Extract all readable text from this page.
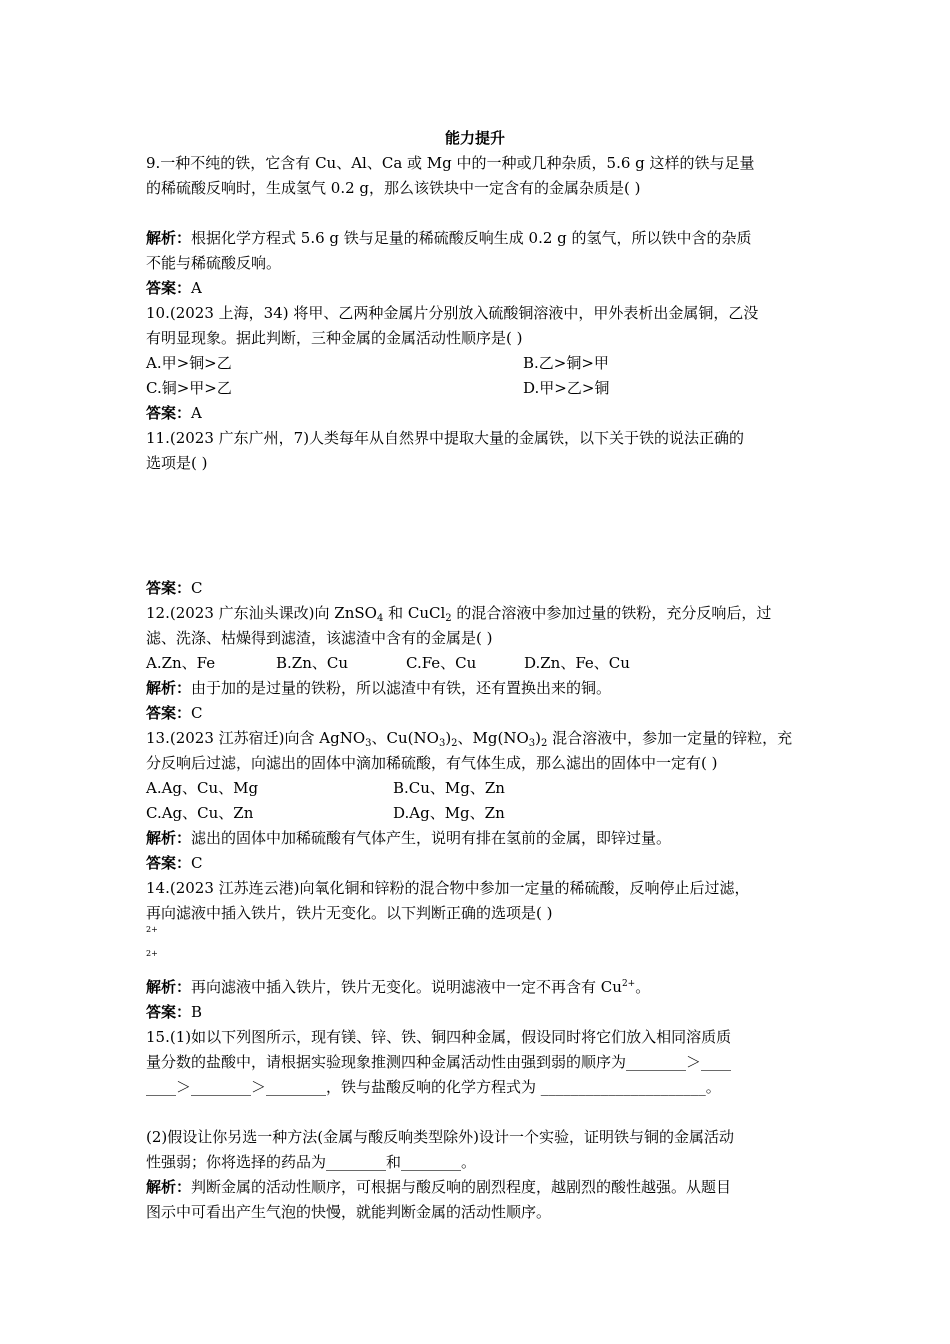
能力提升
9.一种不纯的铁，它含有 Cu、Al、Ca 或 Mg 中的一种或几种杂质，5.6 g 这样的铁与足量
的稀硫酸反响时，生成氢气 0.2 g，那么该铁块中一定含有的金属杂质是( )
解析：根据化学方程式 5.6 g 铁与足量的稀硫酸反响生成 0.2 g 的氢气，所以铁中含的杂质
不能与稀硫酸反响。
答案：A
10.(2023 上海，34) 将甲、乙两种金属片分别放入硫酸铜溶液中，甲外表析出金属铜，乙没
有明显现象。据此判断，三种金属的金属活动性顺序是( )
A.甲>铜>乙	B.乙>铜>甲
C.铜>甲>乙	D.甲>乙>铜
答案：A
11.(2023 广东广州，7)人类每年从自然界中提取大量的金属铁，以下关于铁的说法正确的
选项是( )
答案：C
12.(2023 广东汕头课改)向 ZnSO$_4$ 和 CuCl$_2$ 的混合溶液中参加过量的铁粉，充分反响后，过
滤、洗涤、枯燥得到滤渣，该滤渣中含有的金属是( )
A.Zn、Fe	B.Zn、Cu	C.Fe、Cu	D.Zn、Fe、Cu
解析：由于加的是过量的铁粉，所以滤渣中有铁，还有置换出来的铜。
答案：C
13.(2023 江苏宿迁)向含 AgNO$_3$、$Cu(NO_3)_2$、$Mg(NO_3)_2$ 混合溶液中，参加一定量的锌粒，充
分反响后过滤，向滤出的固体中滴加稀硫酸，有气体生成，那么滤出的固体中一定有( )
A.Ag、Cu、Mg	B.Cu、Mg、Zn
C.Ag、Cu、Zn	D.Ag、Mg、Zn
解析：滤出的固体中加稀硫酸有气体产生，说明有排在氢前的金属，即锌过量。
答案：C
14.(2023 江苏连云港)向氧化铜和锌粉的混合物中参加一定量的稀硫酸，反响停止后过滤，
再向滤液中插入铁片，铁片无变化。以下判断正确的选项是( )
2+
2+
解析：再向滤液中插入铁片，铁片无变化。说明滤液中一定不再含有 $Cu^{2+}$。
答案：B
15.(1)如以下列图所示，现有镁、锌、铁、铜四种金属，假设同时将它们放入相同溶质质
量分数的盐酸中，请根据实验现象推测四种金属活动性由强到弱的顺序为________＞____
____＞________＞________，铁与盐酸反响的化学方程式为 ______________________。
(2)假设让你另选一种方法(金属与酸反响类型除外)设计一个实验，证明铁与铜的金属活动
性强弱；你将选择的药品为________和________。
解析：判断金属的活动性顺序，可根据与酸反响的剧烈程度，越剧烈的酸性越强。从题目
图示中可看出产生气泡的快慢，就能判断金属的活动性顺序。
